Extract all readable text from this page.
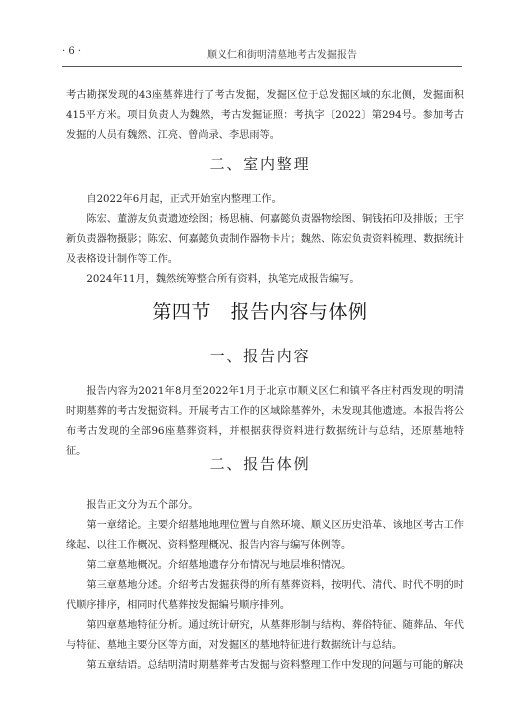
· 6 ·	顺义仁和街明清墓地考古发掘报告
考古勘探发现的43座墓葬进行了考古发掘，发掘区位于总发掘区域的东北侧，发掘面积415平方米。项目负责人为魏然，考古发掘证照：考执字〔2022〕第294号。参加考古发掘的人员有魏然、江亮、曾尚录、李思雨等。
二、室内整理
自2022年6月起，正式开始室内整理工作。
陈宏、董游友负责遗迹绘图；杨思楠、何嘉懿负责器物绘图、铜钱拓印及排版；王宇新负责器物摄影；陈宏、何嘉懿负责制作器物卡片；魏然、陈宏负责资料梳理、数据统计及表格设计制作等工作。
2024年11月，魏然统筹整合所有资料，执笔完成报告编写。
第四节　报告内容与体例
一、报告内容
报告内容为2021年8月至2022年1月于北京市顺义区仁和镇平各庄村西发现的明清时期墓葬的考古发掘资料。开展考古工作的区域除墓葬外，未发现其他遗迹。本报告将公布考古发现的全部96座墓葬资料，并根据获得资料进行数据统计与总结，还原墓地特征。
二、报告体例
报告正文分为五个部分。
第一章绪论。主要介绍墓地地理位置与自然环境、顺义区历史沿革、该地区考古工作缘起、以往工作概况、资料整理概况、报告内容与编写体例等。
第二章墓地概况。介绍墓地遗存分布情况与地层堆积情况。
第三章墓地分述。介绍考古发掘获得的所有墓葬资料，按明代、清代、时代不明的时代顺序排序，相同时代墓葬按发掘编号顺序排列。
第四章墓地特征分析。通过统计研究，从墓葬形制与结构、葬俗特征、随葬品、年代与特征、墓地主要分区等方面，对发掘区的墓地特征进行数据统计与总结。
第五章结语。总结明清时期墓葬考古发掘与资料整理工作中发现的问题与可能的解决
